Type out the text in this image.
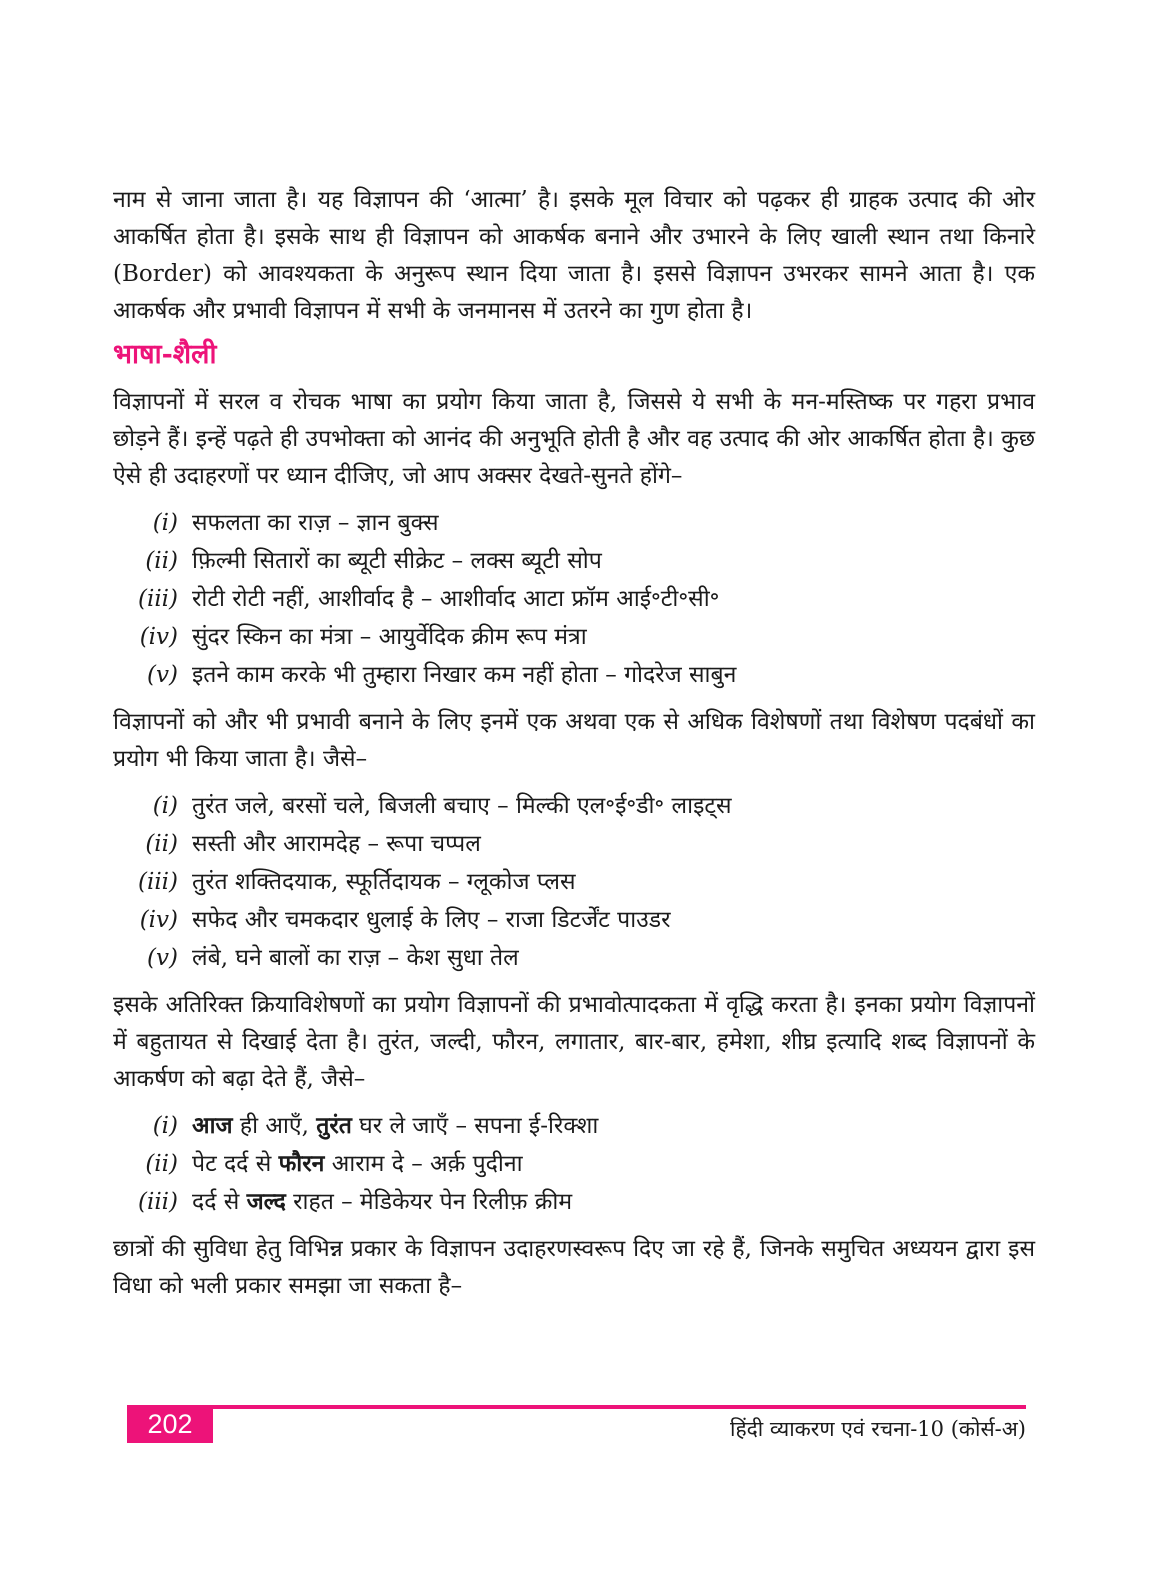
नाम से जाना जाता है। यह विज्ञापन की ‘आत्मा’ है। इसके मूल विचार को पढ़कर ही ग्राहक उत्पाद की ओर आकर्षित होता है। इसके साथ ही विज्ञापन को आकर्षक बनाने और उभारने के लिए खाली स्थान तथा किनारे (Border) को आवश्यकता के अनुरूप स्थान दिया जाता है। इससे विज्ञापन उभरकर सामने आता है। एक आकर्षक और प्रभावी विज्ञापन में सभी के जनमानस में उतरने का गुण होता है।

भाषा-शैली

विज्ञापनों में सरल व रोचक भाषा का प्रयोग किया जाता है, जिससे ये सभी के मन-मस्तिष्क पर गहरा प्रभाव छोड़ने हैं। इन्हें पढ़ते ही उपभोक्ता को आनंद की अनुभूति होती है और वह उत्पाद की ओर आकर्षित होता है। कुछ ऐसे ही उदाहरणों पर ध्यान दीजिए, जो आप अक्सर देखते-सुनते होंगे–

(i) सफलता का राज़ – ज्ञान बुक्स
(ii) फ़िल्मी सितारों का ब्यूटी सीक्रेट – लक्स ब्यूटी सोप
(iii) रोटी रोटी नहीं, आशीर्वाद है – आशीर्वाद आटा फ्रॉम आई॰टी॰सी॰
(iv) सुंदर स्किन का मंत्रा – आयुर्वेदिक क्रीम रूप मंत्रा
(v) इतने काम करके भी तुम्हारा निखार कम नहीं होता – गोदरेज साबुन

विज्ञापनों को और भी प्रभावी बनाने के लिए इनमें एक अथवा एक से अधिक विशेषणों तथा विशेषण पदबंधों का प्रयोग भी किया जाता है। जैसे–

(i) तुरंत जले, बरसों चले, बिजली बचाए – मिल्की एल॰ई॰डी॰ लाइट्स
(ii) सस्ती और आरामदेह – रूपा चप्पल
(iii) तुरंत शक्तिदयाक, स्फूर्तिदायक – ग्लूकोज प्लस
(iv) सफेद और चमकदार धुलाई के लिए – राजा डिटर्जेंट पाउडर
(v) लंबे, घने बालों का राज़ – केश सुधा तेल

इसके अतिरिक्त क्रियाविशेषणों का प्रयोग विज्ञापनों की प्रभावोत्पादकता में वृद्धि करता है। इनका प्रयोग विज्ञापनों में बहुतायत से दिखाई देता है। तुरंत, जल्दी, फौरन, लगातार, बार-बार, हमेशा, शीघ्र इत्यादि शब्द विज्ञापनों के आकर्षण को बढ़ा देते हैं, जैसे–

(i) आज ही आएँ, तुरंत घर ले जाएँ – सपना ई-रिक्शा
(ii) पेट दर्द से फौरन आराम दे – अर्क़ पुदीना
(iii) दर्द से जल्द राहत – मेडिकेयर पेन रिलीफ़ क्रीम

छात्रों की सुविधा हेतु विभिन्न प्रकार के विज्ञापन उदाहरणस्वरूप दिए जा रहे हैं, जिनके समुचित अध्ययन द्वारा इस विधा को भली प्रकार समझा जा सकता है–

202	हिंदी व्याकरण एवं रचना-10 (कोर्स-अ)
